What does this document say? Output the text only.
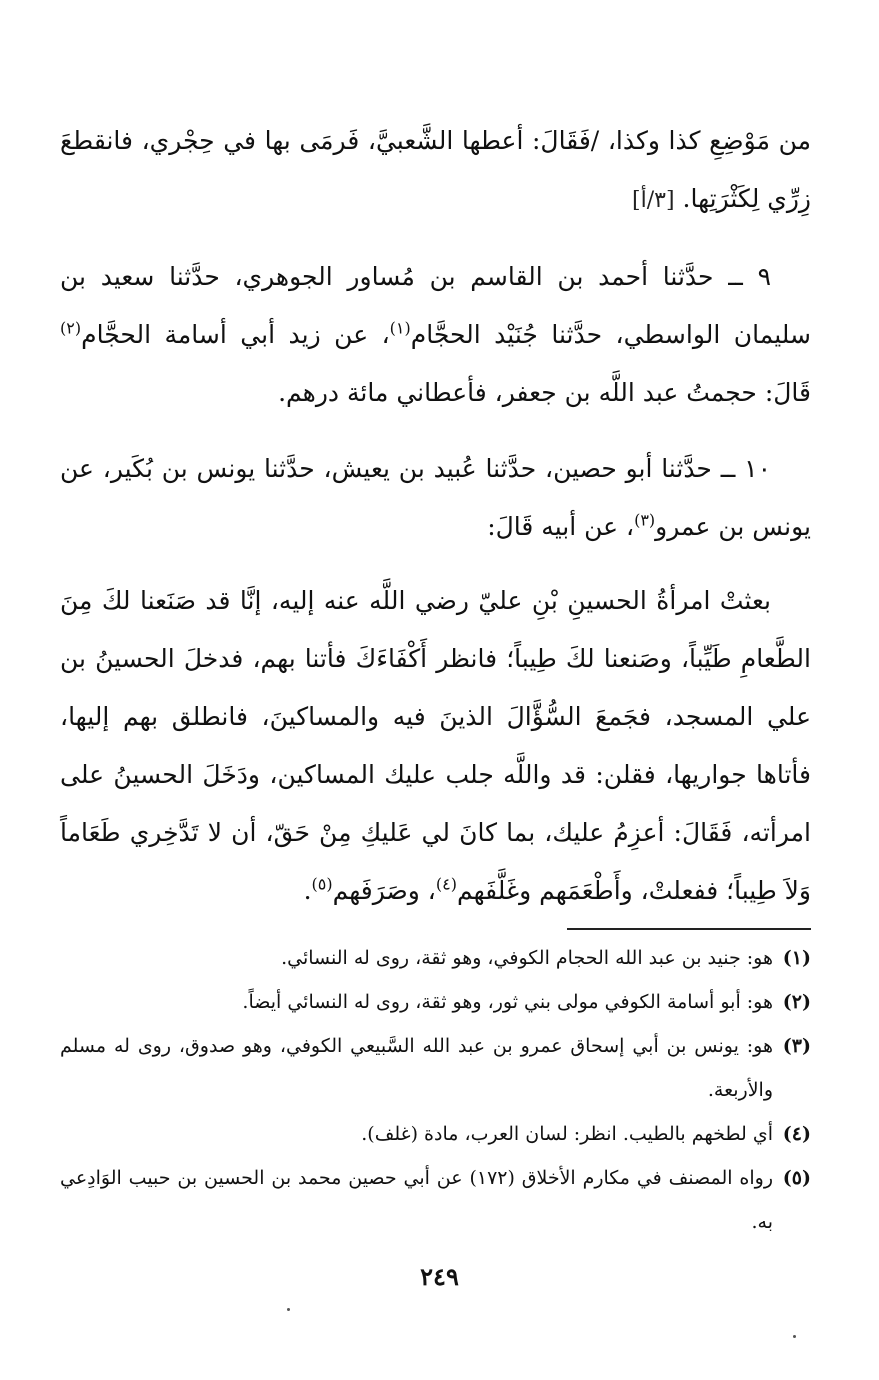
من مَوْضِعِ كذا وكذا، /فَقَالَ: أعطها الشَّعبيَّ، فَرمَى بها في حِجْري، فانقطعَ زِرِّي لِكَثْرَتِها. [٣/أ]

٩ ــ حدَّثنا أحمد بن القاسم بن مُساور الجوهري، حدَّثنا سعيد بن سليمان الواسطي، حدَّثنا جُنَيْد الحجَّام$^{(١)}$، عن زيد أبي أسامة الحجَّام$^{(٢)}$ قَالَ: حجمتُ عبد اللَّه بن جعفر، فأعطاني مائة درهم.

١٠ ــ حدَّثنا أبو حصين، حدَّثنا عُبيد بن يعيش، حدَّثنا يونس بن بُكَير، عن يونس بن عمرو$^{(٣)}$، عن أبيه قَالَ:

بعثتْ امرأةُ الحسينِ بْنِ عليّ رضي اللَّه عنه إليه، إنَّا قد صَنَعنا لكَ مِنَ الطَّعامِ طَيِّباً، وصَنعنا لكَ طِيباً؛ فانظر أَكْفَاءَكَ فأتنا بهم، فدخلَ الحسينُ بن علي المسجد، فجَمعَ السُّؤَّالَ الذينَ فيه والمساكينَ، فانطلق بهم إليها، فأتاها جواريها، فقلن: قد واللَّه جلب عليك المساكين، ودَخَلَ الحسينُ على امرأته، فَقَالَ: أعزِمُ عليك، بما كانَ لي عَليكِ مِنْ حَقّ، أن لا تَدَّخِري طَعَاماً وَلاَ طِيباً؛ ففعلتْ، وأَطْعَمَهم وغَلَّفَهم$^{(٤)}$، وصَرَفَهم$^{(٥)}$.

(١)
هو: جنيد بن عبد الله الحجام الكوفي، وهو ثقة، روى له النسائي.
(٢)
هو: أبو أسامة الكوفي مولى بني ثور، وهو ثقة، روى له النسائي أيضاً.
(٣)
هو: يونس بن أبي إسحاق عمرو بن عبد الله السَّبيعي الكوفي، وهو صدوق، روى له مسلم والأربعة.
(٤)
أي لطخهم بالطيب. انظر: لسان العرب، مادة (غلف).
(٥)
رواه المصنف في مكارم الأخلاق (١٧٢) عن أبي حصين محمد بن الحسين بن حبيب الوَادِعي به.
٢٤٩
